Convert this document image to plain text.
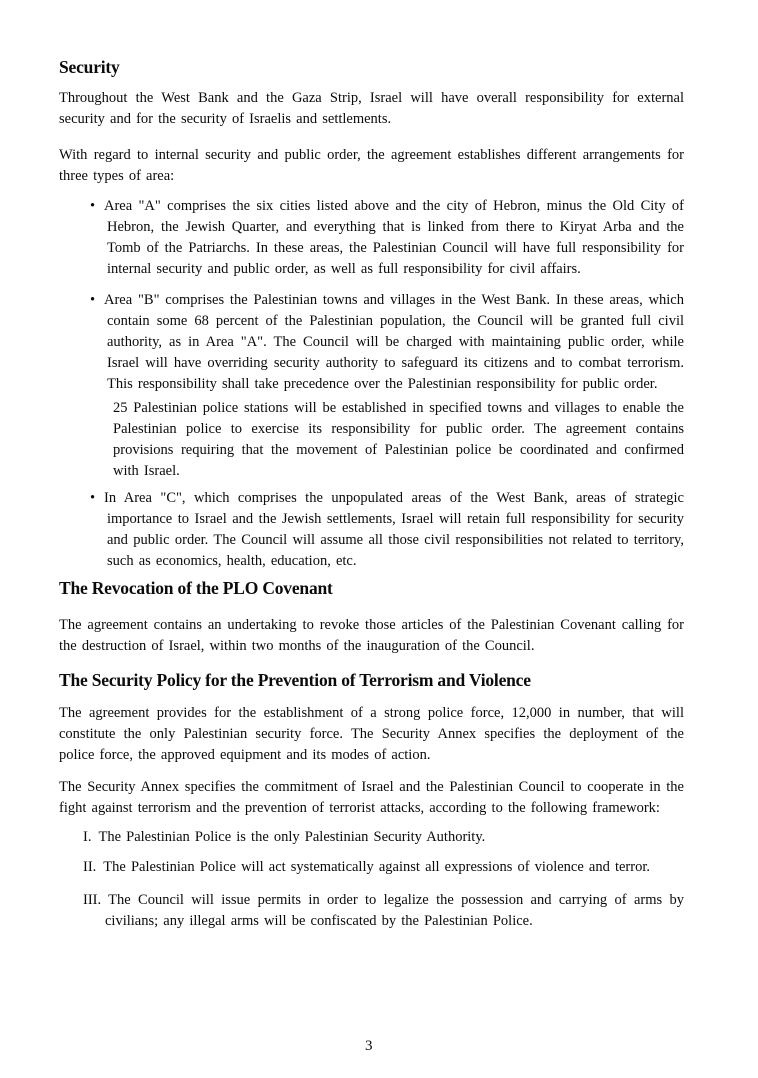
Security

Throughout the West Bank and the Gaza Strip, Israel will have overall responsibility for external security and for the security of Israelis and settlements.

With regard to internal security and public order, the agreement establishes different arrangements for three types of area:

• Area "A" comprises the six cities listed above and the city of Hebron, minus the Old City of Hebron, the Jewish Quarter, and everything that is linked from there to Kiryat Arba and the Tomb of the Patriarchs. In these areas, the Palestinian Council will have full responsibility for internal security and public order, as well as full responsibility for civil affairs.
• Area "B" comprises the Palestinian towns and villages in the West Bank. In these areas, which contain some 68 percent of the Palestinian population, the Council will be granted full civil authority, as in Area "A". The Council will be charged with maintaining public order, while Israel will have overriding security authority to safeguard its citizens and to combat terrorism. This responsibility shall take precedence over the Palestinian responsibility for public order.

25 Palestinian police stations will be established in specified towns and villages to enable the Palestinian police to exercise its responsibility for public order. The agreement contains provisions requiring that the movement of Palestinian police be coordinated and confirmed with Israel.

• In Area "C", which comprises the unpopulated areas of the West Bank, areas of strategic importance to Israel and the Jewish settlements, Israel will retain full responsibility for security and public order. The Council will assume all those civil responsibilities not related to territory, such as economics, health, education, etc.
The Revocation of the PLO Covenant

The agreement contains an undertaking to revoke those articles of the Palestinian Covenant calling for the destruction of Israel, within two months of the inauguration of the Council.

The Security Policy for the Prevention of Terrorism and Violence

The agreement provides for the establishment of a strong police force, 12,000 in number, that will constitute the only Palestinian security force. The Security Annex specifies the deployment of the police force, the approved equipment and its modes of action.

The Security Annex specifies the commitment of Israel and the Palestinian Council to cooperate in the fight against terrorism and the prevention of terrorist attacks, according to the following framework:

I. The Palestinian Police is the only Palestinian Security Authority.
II. The Palestinian Police will act systematically against all expressions of violence and terror.
III. The Council will issue permits in order to legalize the possession and carrying of arms by civilians; any illegal arms will be confiscated by the Palestinian Police.
3
